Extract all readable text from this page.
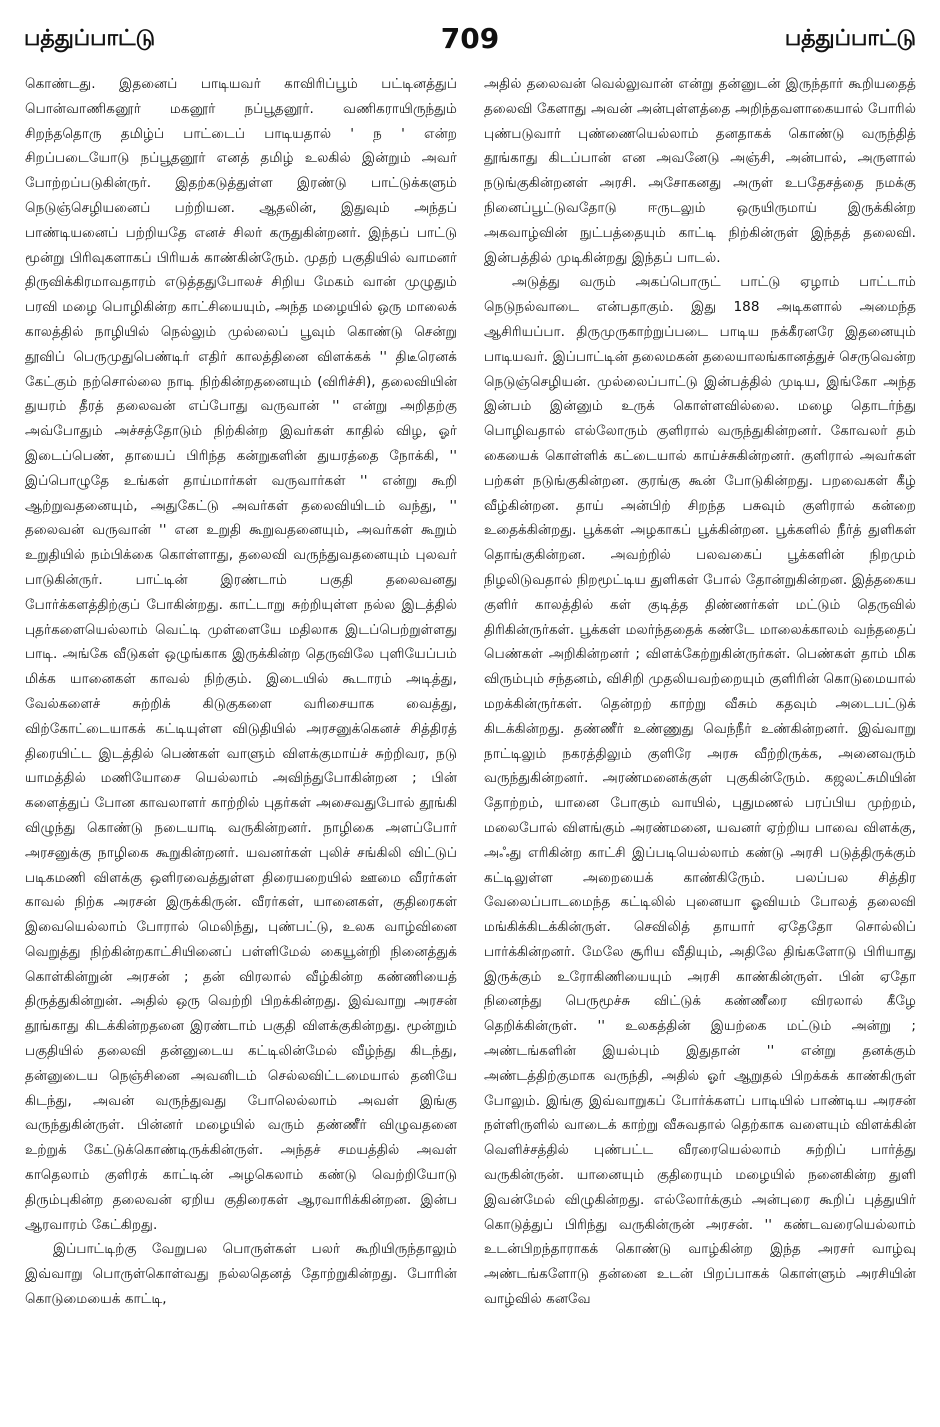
பத்துப்பாட்டு	709	பத்துப்பாட்டு

கொண்டது. இதனைப் பாடியவர் காவிரிப்பூம் பட்டினத்துப் பொன்வாணிகனூர் மகனூர் நப்பூதனூர். வணிகராயிருந்தும் சிறந்ததொரு தமிழ்ப் பாட்டைப் பாடியதால் ' ந ' என்ற சிறப்படையோடு நப்பூதனூர் எனத் தமிழ் உலகில் இன்றும் அவர் போற்றப்படுகின்ருர். இதற்கடுத்துள்ள இரண்டு பாட்டுக்களும் நெடுஞ்செழியனைப் பற்றியன. ஆதலின், இதுவும் அந்தப் பாண்டியனைப் பற்றியதே எனச் சிலர் கருதுகின்றனர். இந்தப் பாட்டு மூன்று பிரிவுகளாகப் பிரியக் காண்கின்ருேம். முதற் பகுதியில் வாமனர் திருவிக்கிரமாவதாரம் எடுத்ததுபோலச் சிறிய மேகம் வான் முழுதும் பரவி மழை பொழிகின்ற காட்சியையும், அந்த மழையில் ஒரு மாலைக் காலத்தில் நாழியில் நெல்லும் முல்லைப் பூவும் கொண்டு சென்று தூவிப் பெருமுதுபெண்டிர் எதிர் காலத்தினை விளக்கக் '' திடீரெனக் கேட்கும் நற்சொல்லை நாடி நிற்கின்றதனையும் (விரிச்சி), தலைவியின் துயரம் தீரத் தலைவன் எப்போது வருவான் '' என்று அறிதற்கு அவ்போதும் அச்சத்தோடும் நிற்கின்ற இவர்கள் காதில் விழ, ஓர் இடைப்பெண், தாயைப் பிரிந்த கன்றுகளின் துயரத்தை நோக்கி, '' இப்பொழுதே உங்கள் தாய்மார்கள் வருவார்கள் '' என்று கூறி ஆற்றுவதனையும், அதுகேட்டு அவர்கள் தலைவியிடம் வந்து, '' தலைவன் வருவான் '' என உறுதி கூறுவதனையும், அவர்கள் கூறும் உறுதியில் நம்பிக்கை கொள்ளாது, தலைவி வருந்துவதனையும் புலவர் பாடுகின்ருர். பாட்டின் இரண்டாம் பகுதி தலைவனது போர்க்களத்திற்குப் போகின்றது. காட்டாறு சுற்றியுள்ள நல்ல இடத்தில் புதர்களையெல்லாம் வெட்டி முள்ளையே மதிலாக இடப்பெற்றுள்ளது பாடி. அங்கே வீடுகள் ஒழுங்காக இருக்கின்ற தெருவிலே புளியேப்பம் மிக்க யானைகள் காவல் நிற்கும். இடையில் கூடாரம் அடித்து, வேல்களைச் சுற்றிக் கிடுகுகளை வரிசையாக வைத்து, விற்கோட்டையாகக் கட்டியுள்ள விடுதியில் அரசனுக்கெனச் சித்திரத் திரையிட்ட இடத்தில் பெண்கள் வாளும் விளக்குமாய்ச் சுற்றிவர, நடு யாமத்தில் மணியோசை யெல்லாம் அவிந்துபோகின்றன ; பின் களைத்துப் போன காவலாளர் காற்றில் புதர்கள் அசைவதுபோல் தூங்கி விழுந்து கொண்டு நடையாடி வருகின்றனர். நாழிகை அளப்போர் அரசனுக்கு நாழிகை கூறுகின்றனர். யவனர்கள் புலிச் சங்கிலி விட்டுப் படிகமணி விளக்கு ஒளிரவைத்துள்ள திரையறையில் ஊமை வீரர்கள் காவல் நிற்க அரசன் இருக்கிருன். வீரர்கள், யானைகள், குதிரைகள் இவையெல்லாம் போரால் மெலிந்து, புண்பட்டு, உலக வாழ்வினை வெறுத்து நிற்கின்றகாட்சியினைப் பள்ளிமேல் கையூன்றி நினைத்துக் கொள்கின்றுன் அரசன் ; தன் விரலால் வீழ்கின்ற கண்ணியைத் திருத்துகின்றுன். அதில் ஒரு வெற்றி பிறக்கின்றது. இவ்வாறு அரசன் தூங்காது கிடக்கின்றதனை இரண்டாம் பகுதி விளக்குகின்றது. மூன்றும் பகுதியில் தலைவி தன்னுடைய கட்டிலின்மேல் வீழ்ந்து கிடந்து, தன்னுடைய நெஞ்சினை அவனிடம் செல்லவிட்டமையால் தனியே கிடந்து, அவன் வருந்துவது போலெல்லாம் அவள் இங்கு வருந்துகின்ருள். பின்னர் மழையில் வரும் தண்ணீர் விழுவதனை உற்றுக் கேட்டுக்கொண்டிருக்கின்ருள். அந்தச் சமயத்தில் அவள் காதெலாம் குளிரக் காட்டின் அழகெலாம் கண்டு வெற்றியோடு திரும்புகின்ற தலைவன் ஏறிய குதிரைகள் ஆரவாரிக்கின்றன. இன்ப ஆரவாரம் கேட்கிறது.

இப்பாட்டிற்கு வேறுபல பொருள்கள் பலர் கூறியிருந்தாலும் இவ்வாறு பொருள்கொள்வது நல்லதெனத் தோற்றுகின்றது. போரின் கொடுமையைக் காட்டி,

அதில் தலைவன் வெல்லுவான் என்று தன்னுடன் இருந்தார் கூறியதைத் தலைவி கேளாது அவன் அன்புள்ளத்தை அறிந்தவளாகையால் போரில் புண்படுவார் புண்ணையெல்லாம் தனதாகக் கொண்டு வருந்தித் தூங்காது கிடப்பான் என அவனேடு அஞ்சி, அன்பால், அருளால் நடுங்குகின்றனள் அரசி. அசோகனது அருள் உபதேசத்தை நமக்கு நினைப்பூட்டுவதோடு ஈருடலும் ஒருயிருமாய் இருக்கின்ற அகவாழ்வின் நுட்பத்தையும் காட்டி நிற்கின்ருள் இந்தத் தலைவி. இன்பத்தில் முடிகின்றது இந்தப் பாடல்.

அடுத்து வரும் அகப்பொருட் பாட்டு ஏழாம் பாட்டாம் நெடுநல்வாடை என்பதாகும். இது 188 அடிகளால் அமைந்த ஆசிரியப்பா. திருமுருகாற்றுப்படை பாடிய நக்கீரனரே இதனையும் பாடியவர். இப்பாட்டின் தலைமகன் தலையாலங்கானத்துச் செருவென்ற நெடுஞ்செழியன். முல்லைப்பாட்டு இன்பத்தில் முடிய, இங்கோ அந்த இன்பம் இன்னும் உருக் கொள்ளவில்லை. மழை தொடர்ந்து பொழிவதால் எல்லோரும் குளிரால் வருந்துகின்றனர். கோவலர் தம் கையைக் கொள்ளிக் கட்டையால் காய்ச்சுகின்றனர். குளிரால் அவர்கள் பற்கள் நடுங்குகின்றன. குரங்கு கூன் போடுகின்றது. பறவைகள் கீழ் வீழ்கின்றன. தாய் அன்பிற் சிறந்த பசுவும் குளிரால் கன்றை உதைக்கின்றது. பூக்கள் அழகாகப் பூக்கின்றன. பூக்களில் நீர்த் துளிகள் தொங்குகின்றன. அவற்றில் பலவகைப் பூக்களின் நிறமும் நிழலிடுவதால் நிறமூட்டிய துளிகள் போல் தோன்றுகின்றன. இத்தகைய குளிர் காலத்தில் கள் குடித்த திண்ணர்கள் மட்டும் தெருவில் திரிகின்ருர்கள். பூக்கள் மலர்ந்ததைக் கண்டே மாலைக்காலம் வந்ததைப் பெண்கள் அறிகின்றனர் ; விளக்கேற்றுகின்ருர்கள். பெண்கள் தாம் மிக விரும்பும் சந்தனம், விசிறி முதலியவற்றையும் குளிரின் கொடுமையால் மறக்கின்ருர்கள். தென்றற் காற்று வீசும் கதவும் அடைபட்டுக் கிடக்கின்றது. தண்ணீர் உண்ணுது வெந்நீர் உண்கின்றனர். இவ்வாறு நாட்டிலும் நகரத்திலும் குளிரே அரசு வீற்றிருக்க, அனைவரும் வருந்துகின்றனர். அரண்மனைக்குள் புகுகின்ருேம். கஜலட்சுமியின் தோற்றம், யானை போகும் வாயில், புதுமணல் பரப்பிய முற்றம், மலைபோல் விளங்கும் அரண்மனை, யவனர் ஏற்றிய பாவை விளக்கு, அஃது எரிகின்ற காட்சி இப்படியெல்லாம் கண்டு அரசி படுத்திருக்கும் கட்டிலுள்ள அறையைக் காண்கிருேம். பலப்பல சித்திர வேலைப்பாடமைந்த கட்டிலில் புனையா ஓவியம் போலத் தலைவி மங்கிக்கிடக்கின்ருள். செவிலித் தாயார் ஏதேதோ சொல்லிப் பார்க்கின்றனர். மேலே சூரிய வீதியும், அதிலே திங்களோடு பிரியாது இருக்கும் உரோகிணியையும் அரசி காண்கின்ருள். பின் ஏதோ நினைந்து பெருமூச்சு விட்டுக் கண்ணீரை விரலால் கீழே தெறிக்கின்ருள். '' உலகத்தின் இயற்கை மட்டும் அன்று ; அண்டங்களின் இயல்பும் இதுதான் '' என்று தனக்கும் அண்டத்திற்குமாக வருந்தி, அதில் ஓர் ஆறுதல் பிறக்கக் காண்கிருள் போலும். இங்கு இவ்வாறுகப் போர்க்களப் பாடியில் பாண்டிய அரசன் நள்ளிருளில் வாடைக் காற்று வீசுவதால் தெற்காக வளையும் விளக்கின் வெளிச்சத்தில் புண்பட்ட வீரரையெல்லாம் சுற்றிப் பார்த்து வருகின்ருன். யானையும் குதிரையும் மழையில் நனைகின்ற துளி இவன்மேல் விழுகின்றது. எல்லோர்க்கும் அன்புரை கூறிப் புத்துயிர் கொடுத்துப் பிரிந்து வருகின்ருன் அரசன். '' கண்டவரையெல்லாம் உடன்பிறந்தாராகக் கொண்டு வாழ்கின்ற இந்த அரசர் வாழ்வு அண்டங்களோடு தன்னை உடன் பிறப்பாகக் கொள்ளும் அரசியின் வாழ்வில் கனவே
